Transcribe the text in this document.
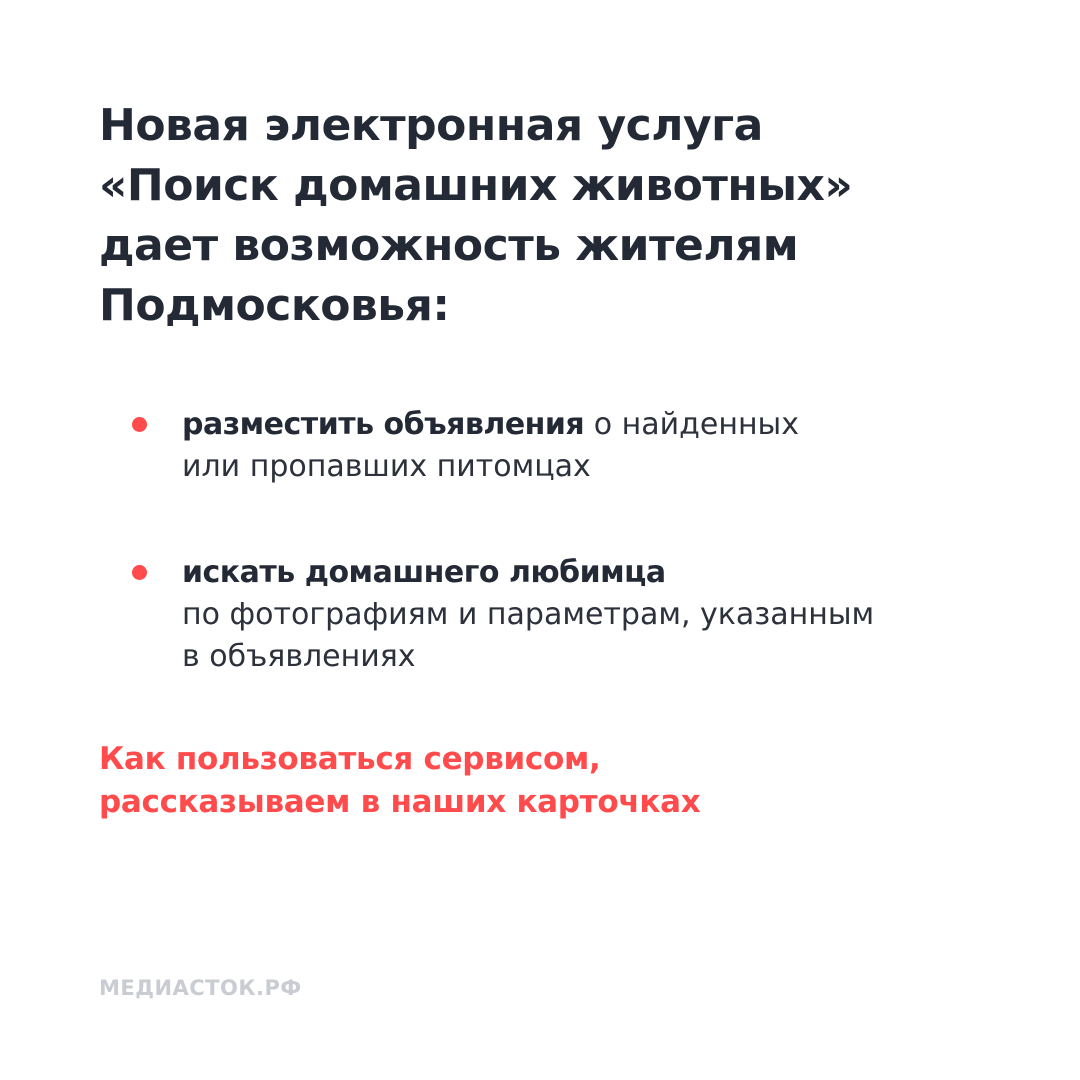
Новая электронная услуга
«Поиск домашних животных»
дает возможность жителям
Подмосковья:
разместить объявления о найденных
или пропавших питомцах
искать домашнего любимца
по фотографиям и параметрам, указанным
в объявлениях

Как пользоваться сервисом,
рассказываем в наших карточках

МЕДИАСТОК.РФ
